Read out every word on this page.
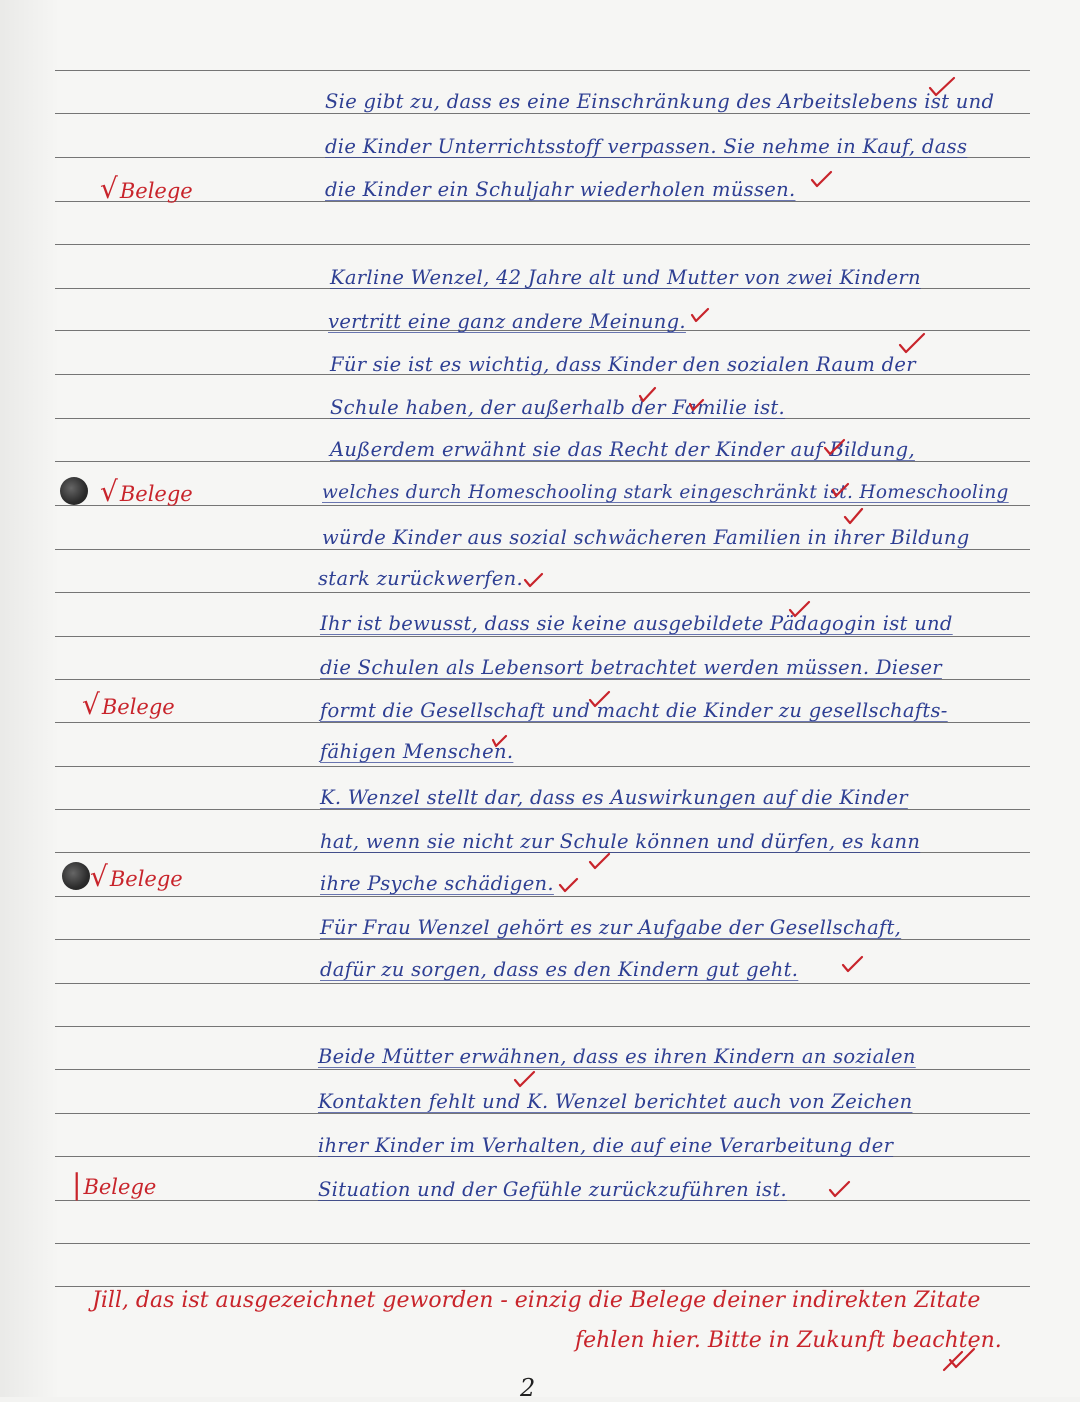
Sie gibt zu, dass es eine Einschränkung des Arbeitslebens ist und
die Kinder Unterrichtsstoff verpassen. Sie nehme in Kauf, dass
die Kinder ein Schuljahr wiederholen müssen.
Karline Wenzel, 42 Jahre alt und Mutter von zwei Kindern
vertritt eine ganz andere Meinung.
Für sie ist es wichtig, dass Kinder den sozialen Raum der
Schule haben, der außerhalb der Familie ist.
Außerdem erwähnt sie das Recht der Kinder auf Bildung,
welches durch Homeschooling stark eingeschränkt ist. Homeschooling
würde Kinder aus sozial schwächeren Familien in ihrer Bildung
stark zurückwerfen.
Ihr ist bewusst, dass sie keine ausgebildete Pädagogin ist und
die Schulen als Lebensort betrachtet werden müssen. Dieser
formt die Gesellschaft und macht die Kinder zu gesellschafts-
fähigen Menschen.
K. Wenzel stellt dar, dass es Auswirkungen auf die Kinder
hat, wenn sie nicht zur Schule können und dürfen, es kann
ihre Psyche schädigen.
Für Frau Wenzel gehört es zur Aufgabe der Gesellschaft,
dafür zu sorgen, dass es den Kindern gut geht.
Beide Mütter erwähnen, dass es ihren Kindern an sozialen
Kontakten fehlt und K. Wenzel berichtet auch von Zeichen
ihrer Kinder im Verhalten, die auf eine Verarbeitung der
Situation und der Gefühle zurückzuführen ist.
√Belege
√Belege
√Belege
√Belege
|Belege
Jill, das ist ausgezeichnet geworden - einzig die Belege deiner indirekten Zitate
fehlen hier. Bitte in Zukunft beachten.
2
